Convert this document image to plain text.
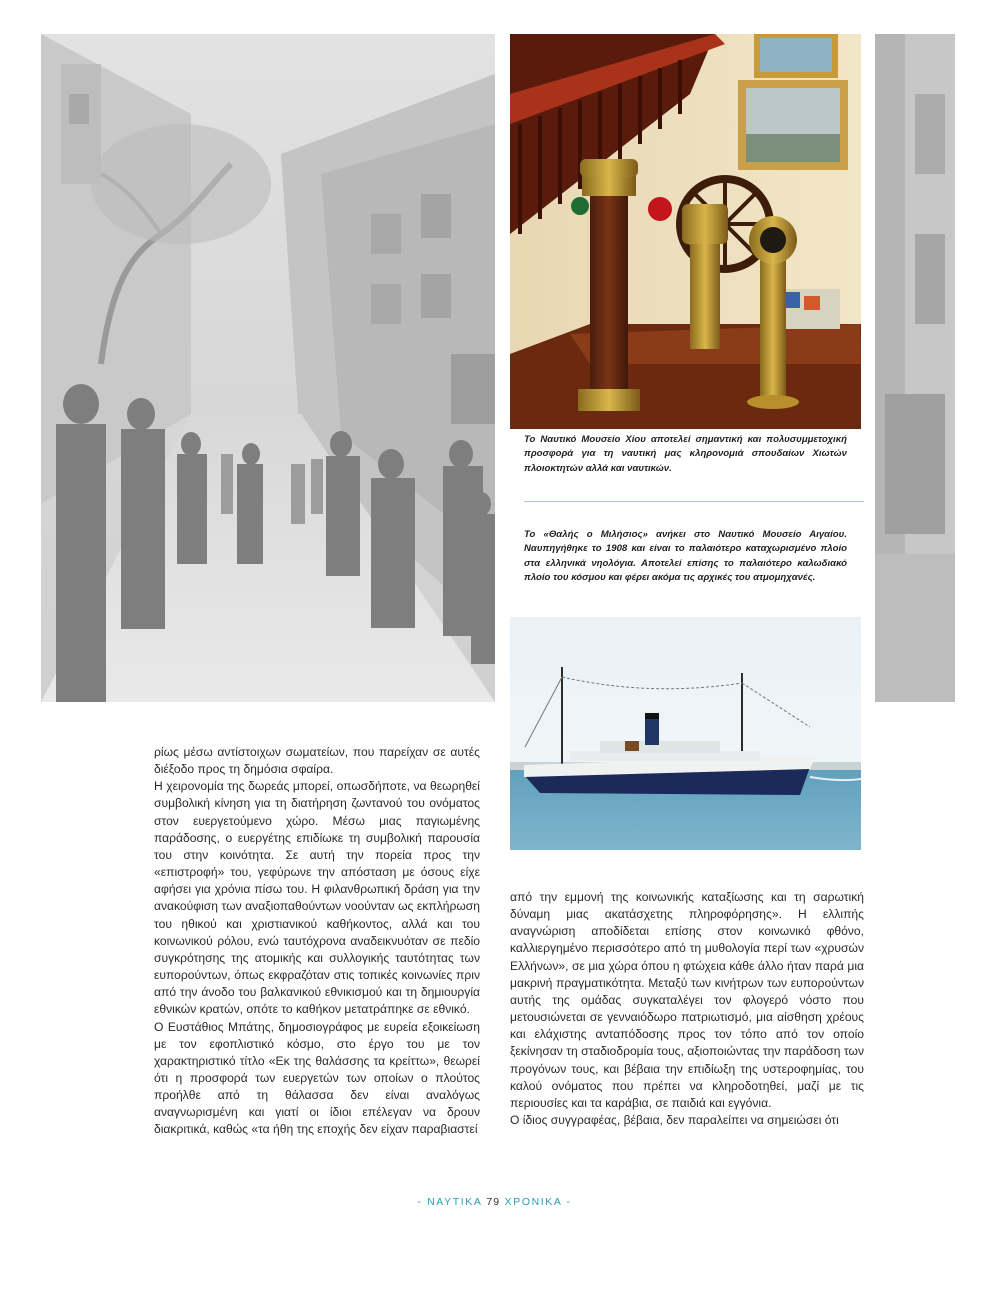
Το Ναυτικό Μουσείο Χίου αποτελεί σημαντική και πολυσυμμετοχική προσφορά για τη ναυτική μας κληρονομιά σπουδαίων Χιωτών πλοιοκτητών αλλά και ναυτικών.

Το «Θαλής ο Μιλήσιος» ανήκει στο Ναυτικό Μουσείο Αιγαίου. Ναυπηγήθηκε το 1908 και είναι το παλαιότερο καταχωρισμένο πλοίο στα ελληνικά νηολόγια. Αποτελεί επίσης το παλαιότερο καλωδιακό πλοίο του κόσμου και φέρει ακόμα τις αρχικές του ατμομηχανές.

ρίως μέσω αντίστοιχων σωματείων, που παρείχαν σε αυτές διέξοδο προς τη δημόσια σφαίρα.

Η χειρονομία της δωρεάς μπορεί, οπωσδήποτε, να θεωρηθεί συμβολική κίνηση για τη διατήρηση ζωντανού του ονόματος στον ευεργετούμενο χώρο. Μέσω μιας παγιωμένης παράδοσης, ο ευεργέτης επιδίωκε τη συμβολική παρουσία του στην κοινότητα. Σε αυτή την πορεία προς την «επιστροφή» του, γεφύρωνε την απόσταση με όσους είχε αφήσει για χρόνια πίσω του. Η φιλανθρωπική δράση για την ανακούφιση των αναξιοπαθούντων νοούνταν ως εκπλήρωση του ηθικού και χριστιανικού καθήκοντος, αλλά και του κοινωνικού ρόλου, ενώ ταυτόχρονα αναδεικνυόταν σε πεδίο συγκρότησης της ατομικής και συλλογικής ταυτότητας των ευπορούντων, όπως εκφραζόταν στις τοπικές κοινωνίες πριν από την άνοδο του βαλκανικού εθνικισμού και τη δημιουργία εθνικών κρατών, οπότε το καθήκον μετατράπηκε σε εθνικό.

Ο Ευστάθιος Μπάτης, δημοσιογράφος με ευρεία εξοικείωση με τον εφοπλιστικό κόσμο, στο έργο του με τον χαρακτηριστικό τίτλο «Εκ της θαλάσσης τα κρείττω», θεωρεί ότι η προσφορά των ευεργετών των οποίων ο πλούτος προήλθε από τη θάλασσα δεν είναι αναλόγως αναγνωρισμένη και γιατί οι ίδιοι επέλεγαν να δρουν διακριτικά, καθώς «τα ήθη της εποχής δεν είχαν παραβιαστεί

από την εμμονή της κοινωνικής καταξίωσης και τη σαρωτική δύναμη μιας ακατάσχετης πληροφόρησης». Η ελλιπής αναγνώριση αποδίδεται επίσης στον κοινωνικό φθόνο, καλλιεργημένο περισσότερο από τη μυθολογία περί των «χρυσών Ελλήνων», σε μια χώρα όπου η φτώχεια κάθε άλλο ήταν παρά μια μακρινή πραγματικότητα. Μεταξύ των κινήτρων των ευπορούντων αυτής της ομάδας συγκαταλέγει τον φλογερό νόστο που μετουσιώνεται σε γενναιόδωρο πατριωτισμό, μια αίσθηση χρέους και ελάχιστης ανταπόδοσης προς τον τόπο από τον οποίο ξεκίνησαν τη σταδιοδρομία τους, αξιοποιώντας την παράδοση των προγόνων τους, και βέβαια την επιδίωξη της υστεροφημίας, του καλού ονόματος που πρέπει να κληροδοτηθεί, μαζί με τις περιουσίες και τα καράβια, σε παιδιά και εγγόνια.

Ο ίδιος συγγραφέας, βέβαια, δεν παραλείπει να σημειώσει ότι

- ΝΑΥΤΙΚΑ 79 ΧΡΟΝΙΚΑ -
